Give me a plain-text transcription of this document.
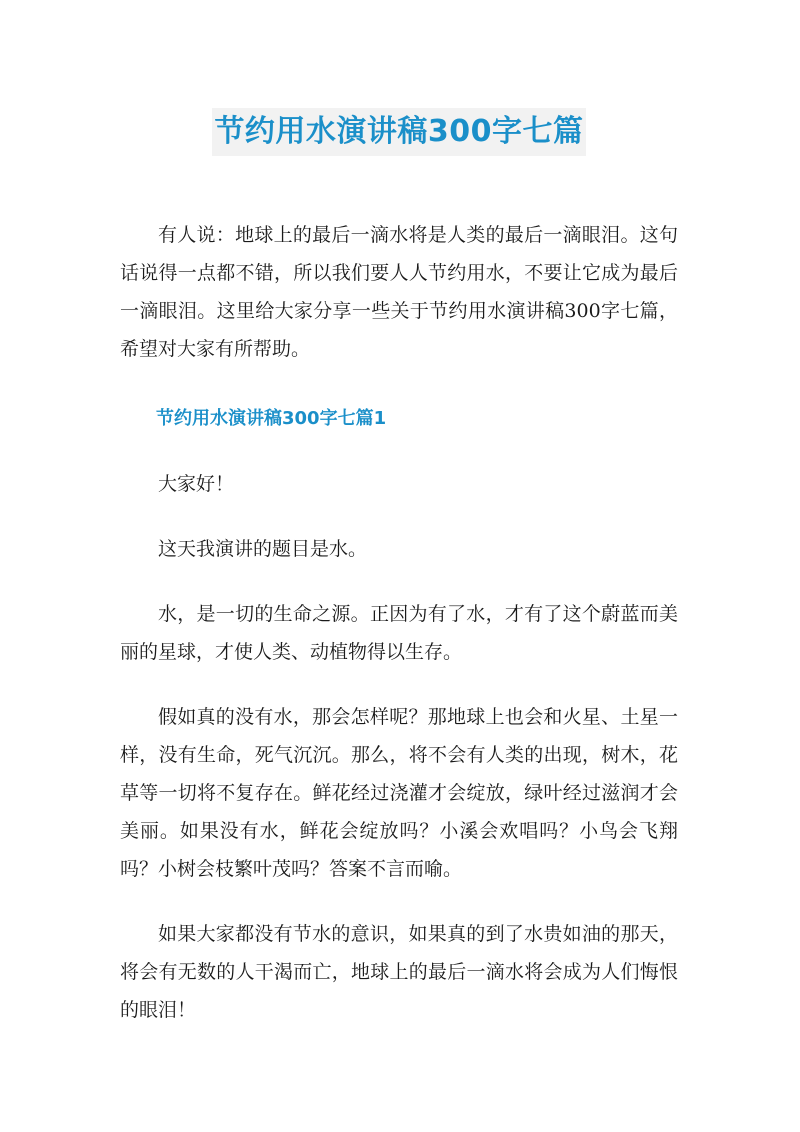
节约用水演讲稿300字七篇

有人说：地球上的最后一滴水将是人类的最后一滴眼泪。这句话说得一点都不错，所以我们要人人节约用水，不要让它成为最后一滴眼泪。这里给大家分享一些关于节约用水演讲稿300字七篇，希望对大家有所帮助。

节约用水演讲稿300字七篇1

大家好！

这天我演讲的题目是水。

水，是一切的生命之源。正因为有了水，才有了这个蔚蓝而美丽的星球，才使人类、动植物得以生存。

假如真的没有水，那会怎样呢？那地球上也会和火星、土星一样，没有生命，死气沉沉。那么，将不会有人类的出现，树木，花草等一切将不复存在。鲜花经过浇灌才会绽放，绿叶经过滋润才会美丽。如果没有水，鲜花会绽放吗？小溪会欢唱吗？小鸟会飞翔吗？小树会枝繁叶茂吗？答案不言而喻。

如果大家都没有节水的意识，如果真的到了水贵如油的那天，将会有无数的人干渴而亡，地球上的最后一滴水将会成为人们悔恨的眼泪！
